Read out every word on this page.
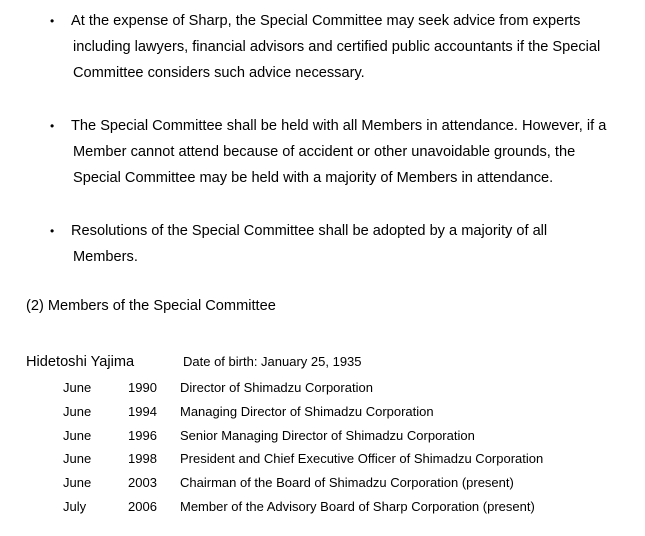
• At the expense of Sharp, the Special Committee may seek advice from experts
including lawyers, financial advisors and certified public accountants if the Special
Committee considers such advice necessary.
• The Special Committee shall be held with all Members in attendance. However, if a
Member cannot attend because of accident or other unavoidable grounds, the
Special Committee may be held with a majority of Members in attendance.
• Resolutions of the Special Committee shall be adopted by a majority of all
Members.
(2) Members of the Special Committee
Hidetoshi Yajima	Date of birth: January 25, 1935
June	1990 Director of Shimadzu Corporation
June	1994 Managing Director of Shimadzu Corporation
June	1996 Senior Managing Director of Shimadzu Corporation
June	1998 President and Chief Executive Officer of Shimadzu Corporation
June	2003 Chairman of the Board of Shimadzu Corporation (present)
July	2006 Member of the Advisory Board of Sharp Corporation (present)
